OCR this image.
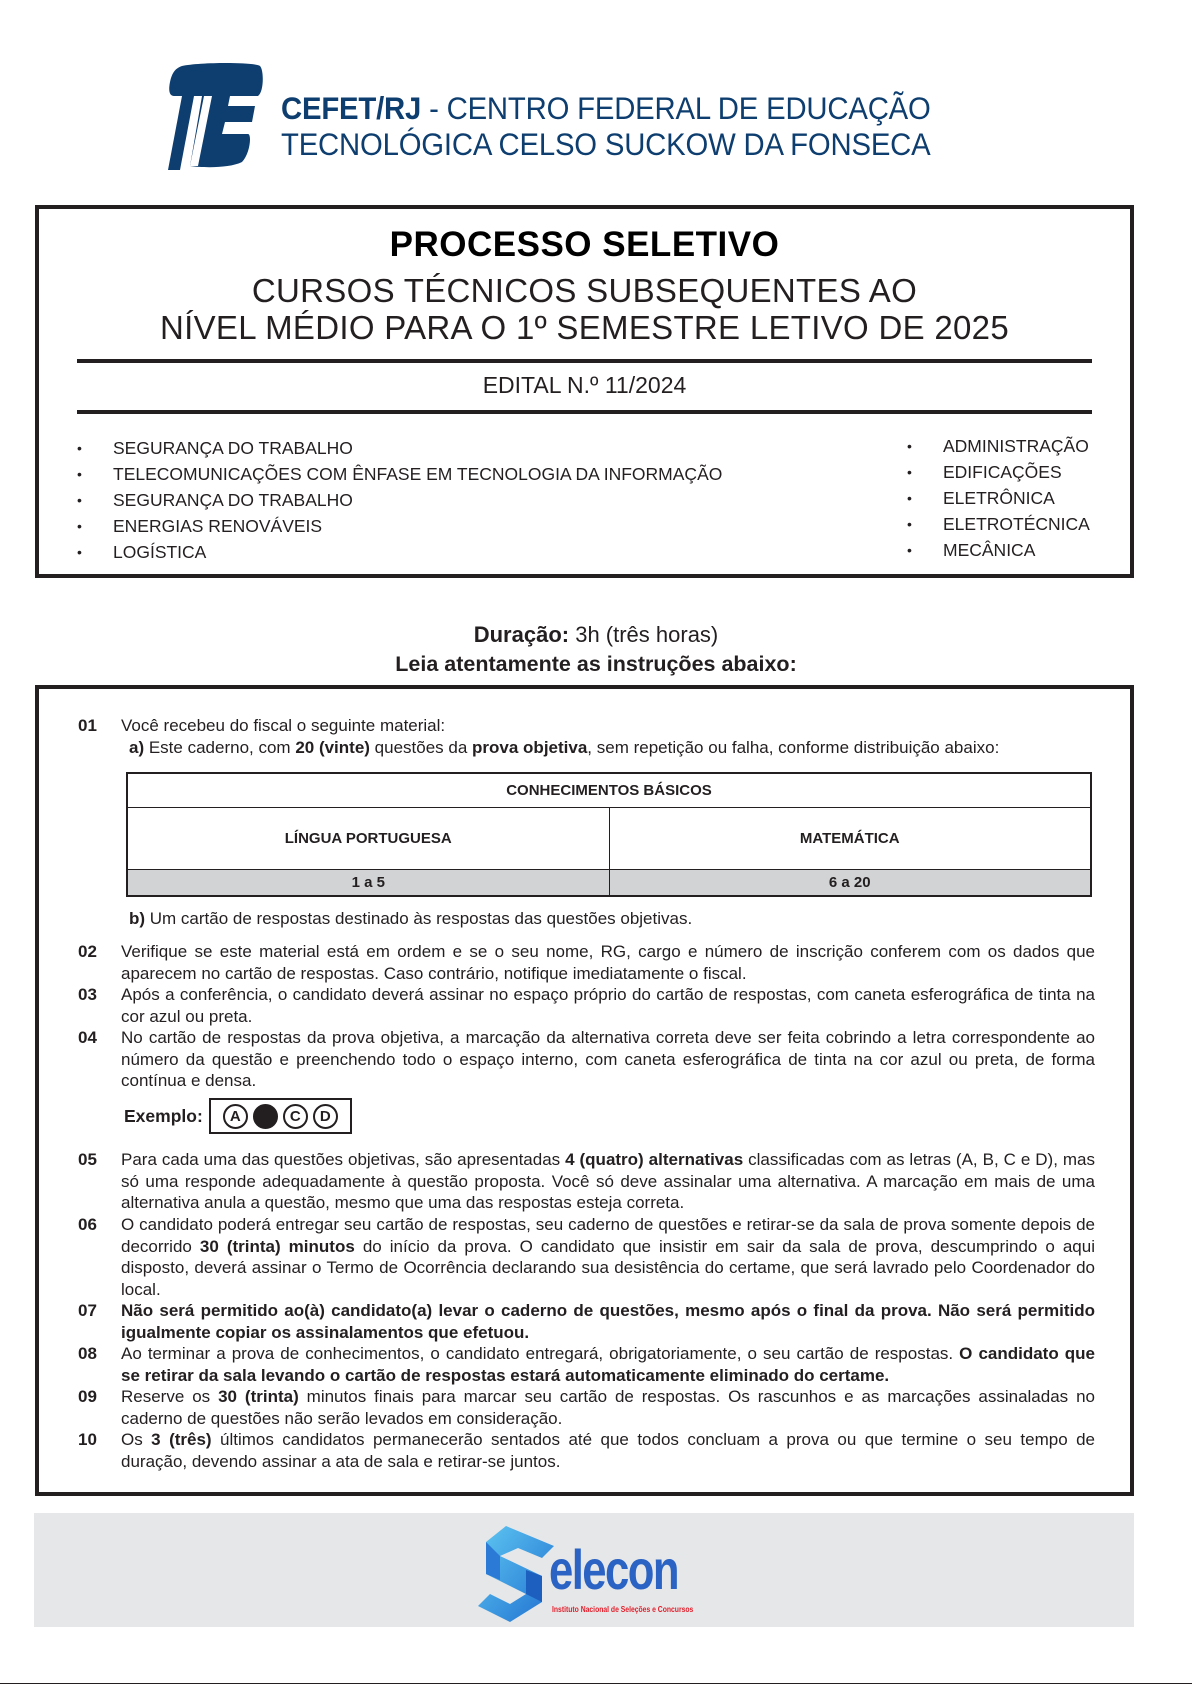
CEFET/RJ - CENTRO FEDERAL DE EDUCAÇÃO
TECNOLÓGICA CELSO SUCKOW DA FONSECA
PROCESSO SELETIVO
CURSOS TÉCNICOS SUBSEQUENTES AO
NÍVEL MÉDIO PARA O 1º SEMESTRE LETIVO DE 2025
EDITAL N.º 11/2024
•	SEGURANÇA DO TRABALHO
•	TELECOMUNICAÇÕES COM ÊNFASE EM TECNOLOGIA DA INFORMAÇÃO
•	SEGURANÇA DO TRABALHO
•	ENERGIAS RENOVÁVEIS
•	LOGÍSTICA
•	ADMINISTRAÇÃO
•	EDIFICAÇÕES
•	ELETRÔNICA
•	ELETROTÉCNICA
•	MECÂNICA
Duração: 3h (três horas)
Leia atentamente as instruções abaixo:
01 Você recebeu do fiscal o seguinte material:
a) Este caderno, com 20 (vinte) questões da prova objetiva, sem repetição ou falha, conforme distribuição abaixo:
CONHECIMENTOS BÁSICOS	
LÍNGUA PORTUGUESA	MATEMÁTICA
1 a 5	6 a 20
b) Um cartão de respostas destinado às respostas das questões objetivas.
02 Verifique se este material está em ordem e se o seu nome, RG, cargo e número de inscrição conferem com os dados que aparecem no cartão de respostas. Caso contrário, notifique imediatamente o fiscal.
03 Após a conferência, o candidato deverá assinar no espaço próprio do cartão de respostas, com caneta esferográfica de tinta na cor azul ou preta.
04 No cartão de respostas da prova objetiva, a marcação da alternativa correta deve ser feita cobrindo a letra correspondente ao número da questão e preenchendo todo o espaço interno, com caneta esferográfica de tinta na cor azul ou preta, de forma contínua e densa.
Exemplo:	A	C	D
05 Para cada uma das questões objetivas, são apresentadas 4 (quatro) alternativas classificadas com as letras (A, B, C e D), mas só uma responde adequadamente à questão proposta. Você só deve assinalar uma alternativa. A marcação em mais de uma alternativa anula a questão, mesmo que uma das respostas esteja correta.
06 O candidato poderá entregar seu cartão de respostas, seu caderno de questões e retirar-se da sala de prova somente depois de decorrido 30 (trinta) minutos do início da prova. O candidato que insistir em sair da sala de prova, descumprindo o aqui disposto, deverá assinar o Termo de Ocorrência declarando sua desistência do certame, que será lavrado pelo Coordenador do local.
07 Não será permitido ao(à) candidato(a) levar o caderno de questões, mesmo após o final da prova. Não será permitido igualmente copiar os assinalamentos que efetuou.
08 Ao terminar a prova de conhecimentos, o candidato entregará, obrigatoriamente, o seu cartão de respostas. O candidato que se retirar da sala levando o cartão de respostas estará automaticamente eliminado do certame.
09 Reserve os 30 (trinta) minutos finais para marcar seu cartão de respostas. Os rascunhos e as marcações assinaladas no caderno de questões não serão levados em consideração.
10 Os 3 (três) últimos candidatos permanecerão sentados até que todos concluam a prova ou que termine o seu tempo de duração, devendo assinar a ata de sala e retirar-se juntos.
elecon
Instituto Nacional de Seleções e Concursos
